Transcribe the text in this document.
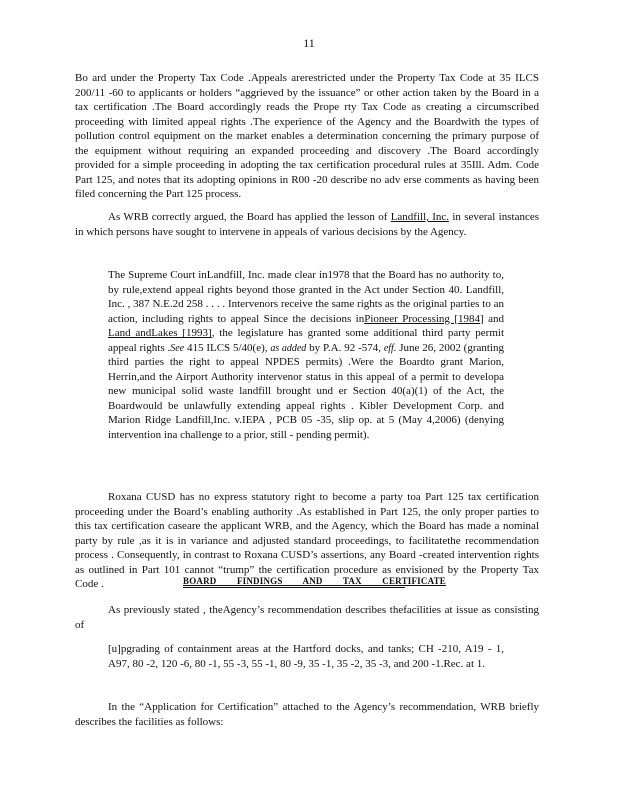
11
Bo ard under the Property Tax Code .Appeals arerestricted under the Property Tax Code at 35 ILCS 200/11 -60 to applicants or holders “aggrieved by the issuance” or other action taken by the Board in a tax certification .The Board accordingly reads the Prope rty Tax Code as creating a circumscribed proceeding with limited appeal rights .The experience of the Agency and the Boardwith the types of pollution control equipment on the market enables a determination concerning the primary purpose of the equipment without requiring an expanded proceeding and discovery .The Board accordingly provided for a simple proceeding in adopting the tax certification procedural rules at 35Ill. Adm. Code Part 125, and notes that its adopting opinions in R00 -20 describe no adv erse comments as having been filed concerning the Part 125 process.
As WRB correctly argued, the Board has applied the lesson of Landfill, Inc. in several instances in which persons have sought to intervene in appeals of various decisions by the Agency.
The Supreme Court inLandfill, Inc. made clear in1978 that the Board has no authority to, by rule,extend appeal rights beyond those granted in the Act under Section 40. Landfill, Inc. , 387 N.E.2d 258 . . . . Intervenors receive the same rights as the original parties to an action, including rights to appeal Since the decisions inPioneer Processing [1984] and Land andLakes [1993], the legislature has granted some additional third party permit appeal rights .See 415 ILCS 5/40(e), as added by P.A. 92 -574, eff. June 26, 2002 (granting third parties the right to appeal NPDES permits) .Were the Boardto grant Marion, Herrin,and the Airport Authority intervenor status in this appeal of a permit to developa new municipal solid waste landfill brought und er Section 40(a)(1) of the Act, the Boardwould be unlawfully extending appeal rights . Kibler Development Corp. and Marion Ridge Landfill,Inc. v.IEPA , PCB 05 -35, slip op. at 5 (May 4,2006) (denying intervention ina challenge to a prior, still - pending permit).
Roxana CUSD has no express statutory right to become a party toa Part 125 tax certification proceeding under the Board’s enabling authority .As established in Part 125, the only proper parties to this tax certification caseare the applicant WRB, and the Agency, which the Board has made a nominal party by rule ,as it is in variance and adjusted standard proceedings, to facilitatethe recommendation process . Consequently, in contrast to Roxana CUSD’s assertions, any Board -created intervention rights as outlined in Part 101 cannot “trump” the certification procedure as envisioned by the Property Tax Code .	BOARD FINDINGS AND TAX CERTIFICATE
As previously stated , theAgency’s recommendation describes thefacilities at issue as consisting of
[u]pgrading of containment areas at the Hartford docks, and tanks; CH -210, A19 - 1, A97, 80 -2, 120 -6, 80 -1, 55 -3, 55 -1, 80 -9, 35 -1, 35 -2, 35 -3, and 200 -1.Rec. at 1.
In the “Application for Certification” attached to the Agency’s recommendation, WRB briefly describes the facilities as follows:
